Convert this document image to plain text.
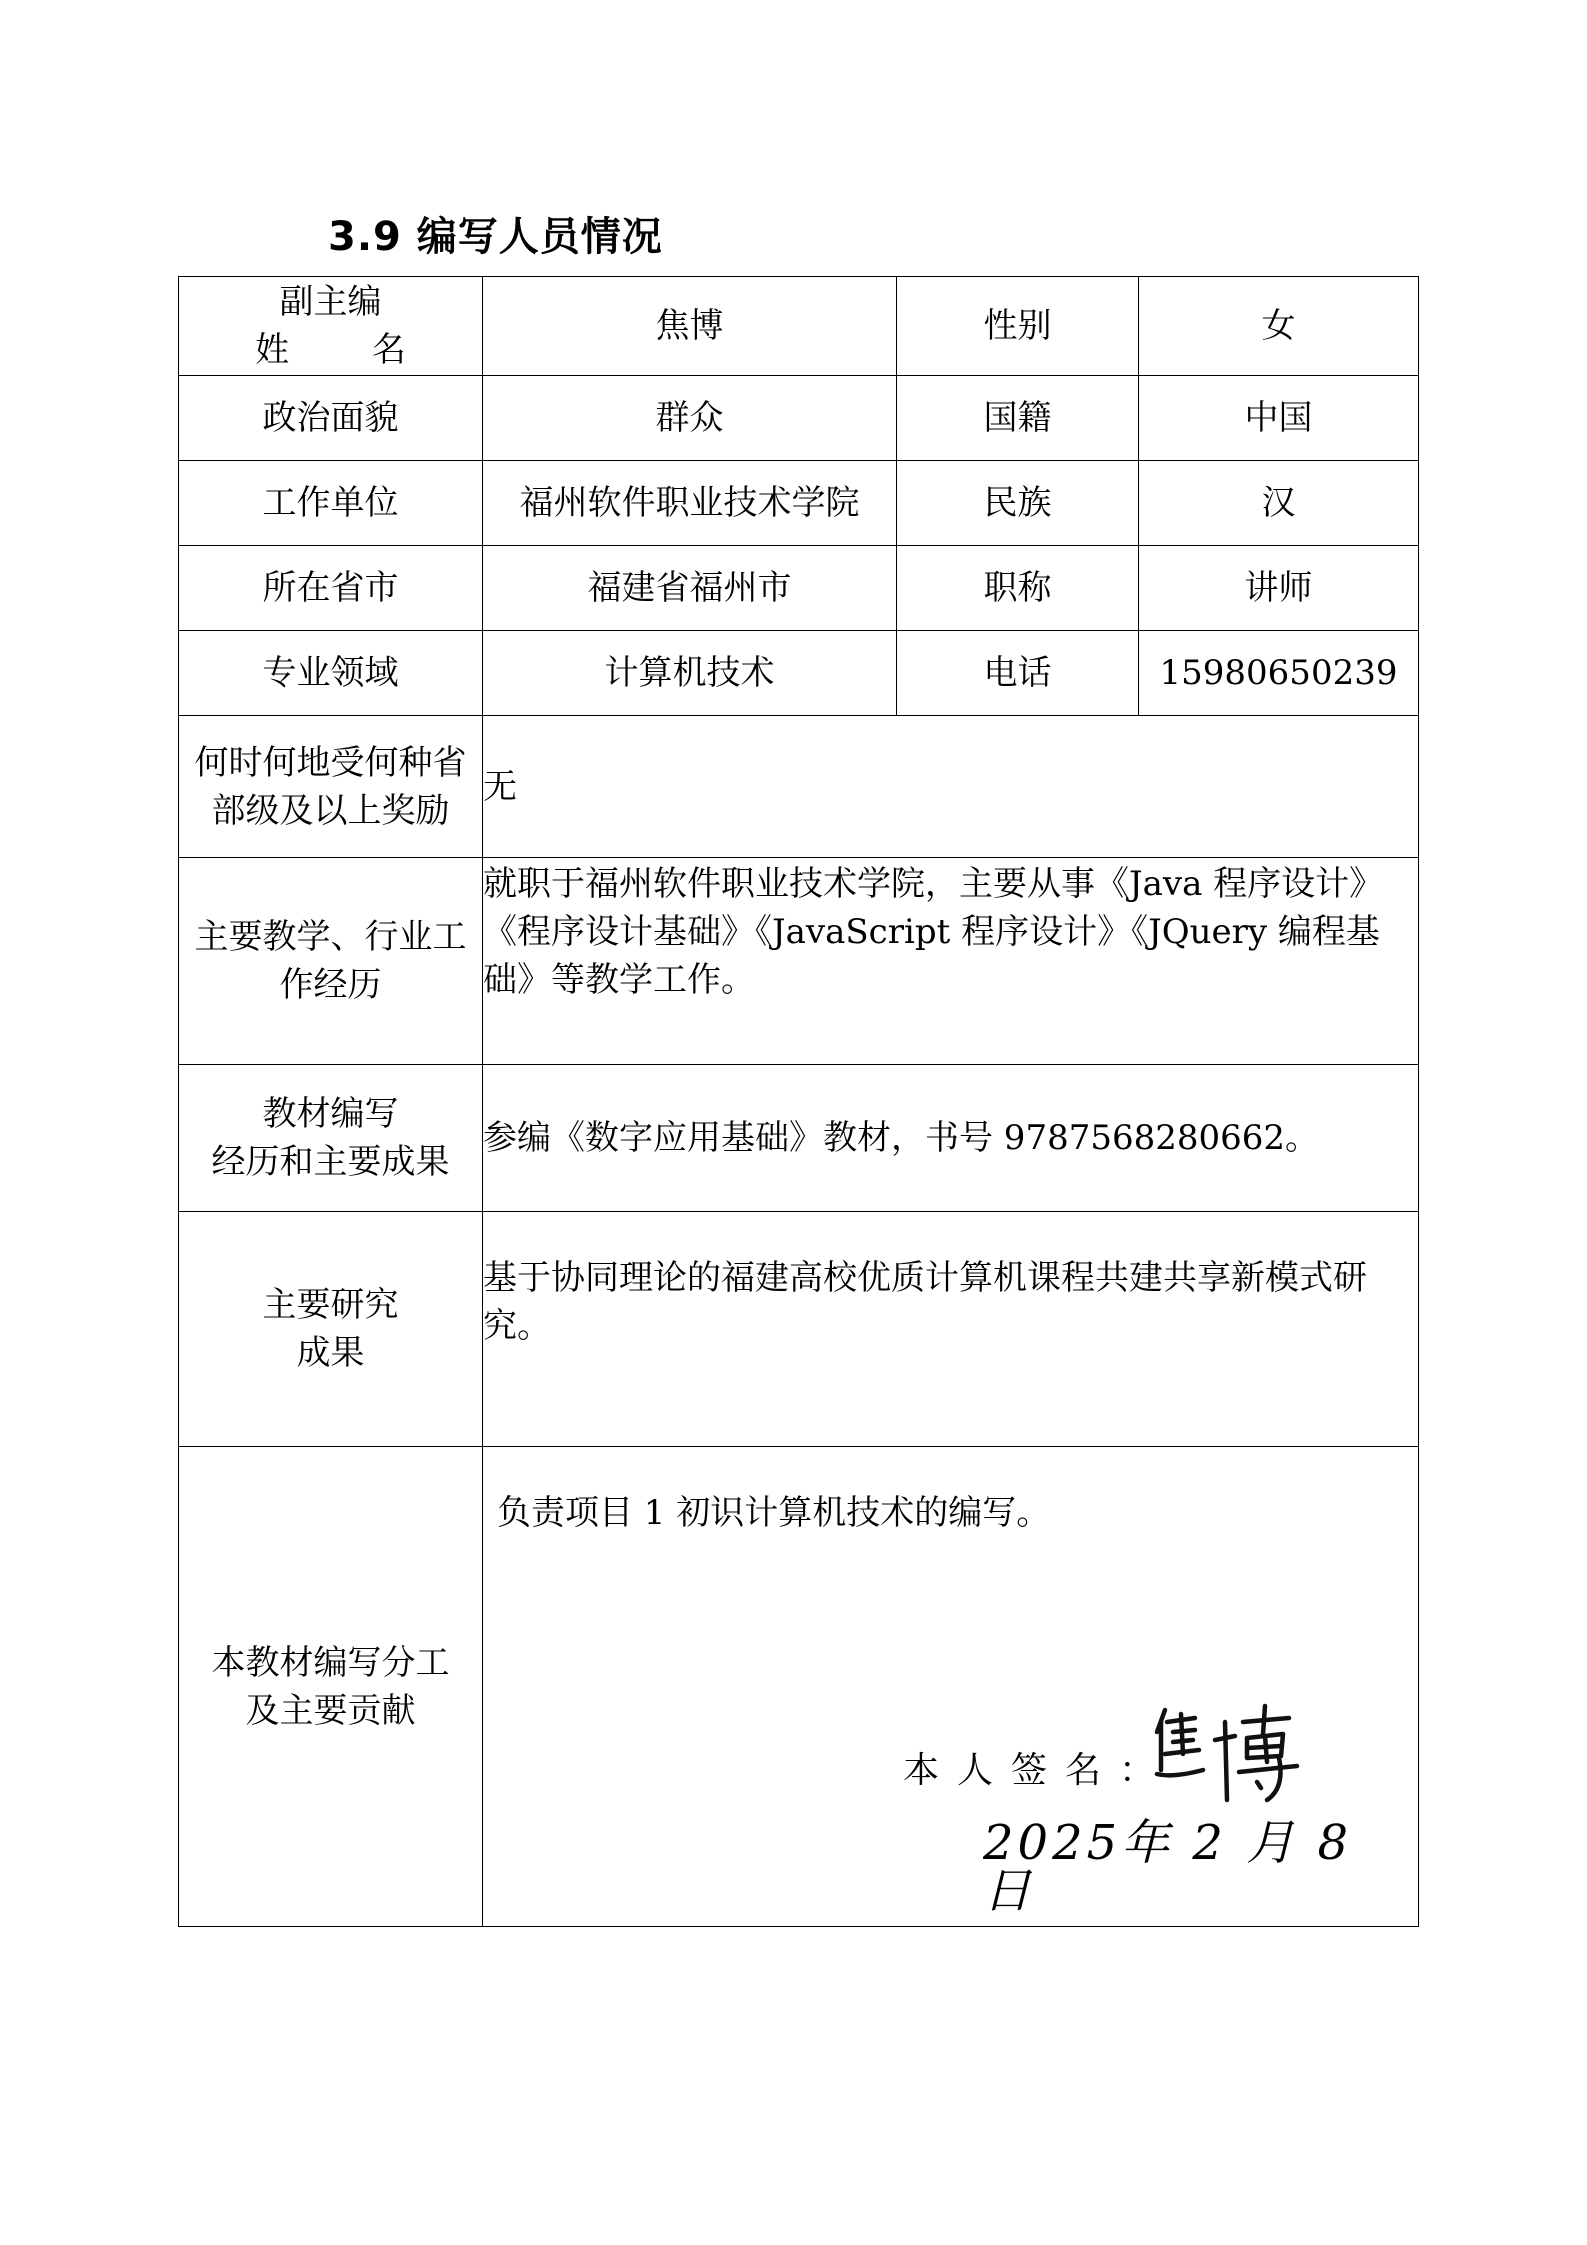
3.9 编写人员情况
副主编
姓 名	焦博	性别	女
政治面貌	群众	国籍	中国
工作单位	福州软件职业技术学院	民族	汉
所在省市	福建省福州市	职称	讲师
专业领域	计算机技术	电话	15980650239
何时何地受何种省部级及以上奖励	无		
主要教学、行业工作经历	就职于福州软件职业技术学院，主要从事《Java 程序设计》《程序设计基础》《JavaScript 程序设计》《JQuery 编程基础》等教学工作。		

教材编写
经历和主要成果	参编《数字应用基础》教材，书号 9787568280662。		

主要研究
成果	基于协同理论的福建高校优质计算机课程共建共享新模式研究。		
本教材编写分工及主要贡献	负责项目 1 初识计算机技术的编写。
本人签名：
2025年 2 月 8 日		
